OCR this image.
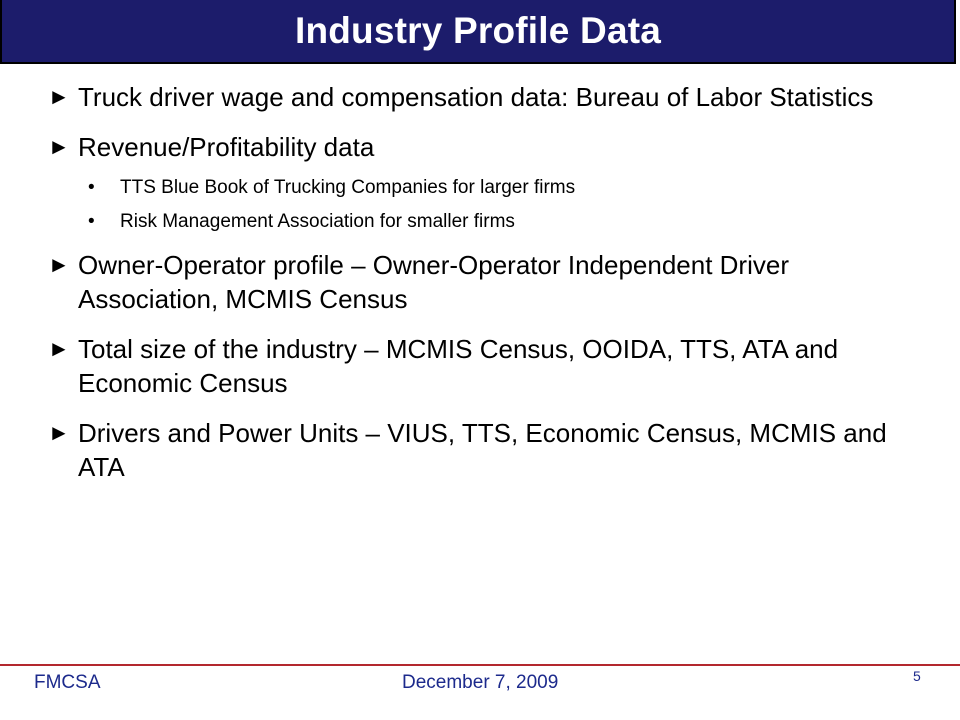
Industry Profile Data
► Truck driver wage and compensation data: Bureau of Labor Statistics
► Revenue/Profitability data
•	TTS Blue Book of Trucking Companies for larger firms
•	Risk Management Association for smaller firms
► Owner-Operator profile – Owner-Operator Independent Driver Association, MCMIS Census
► Total size of the industry – MCMIS Census, OOIDA, TTS, ATA and Economic Census
► Drivers and Power Units – VIUS, TTS, Economic Census, MCMIS and ATA
FMCSA	December 7, 2009	5
